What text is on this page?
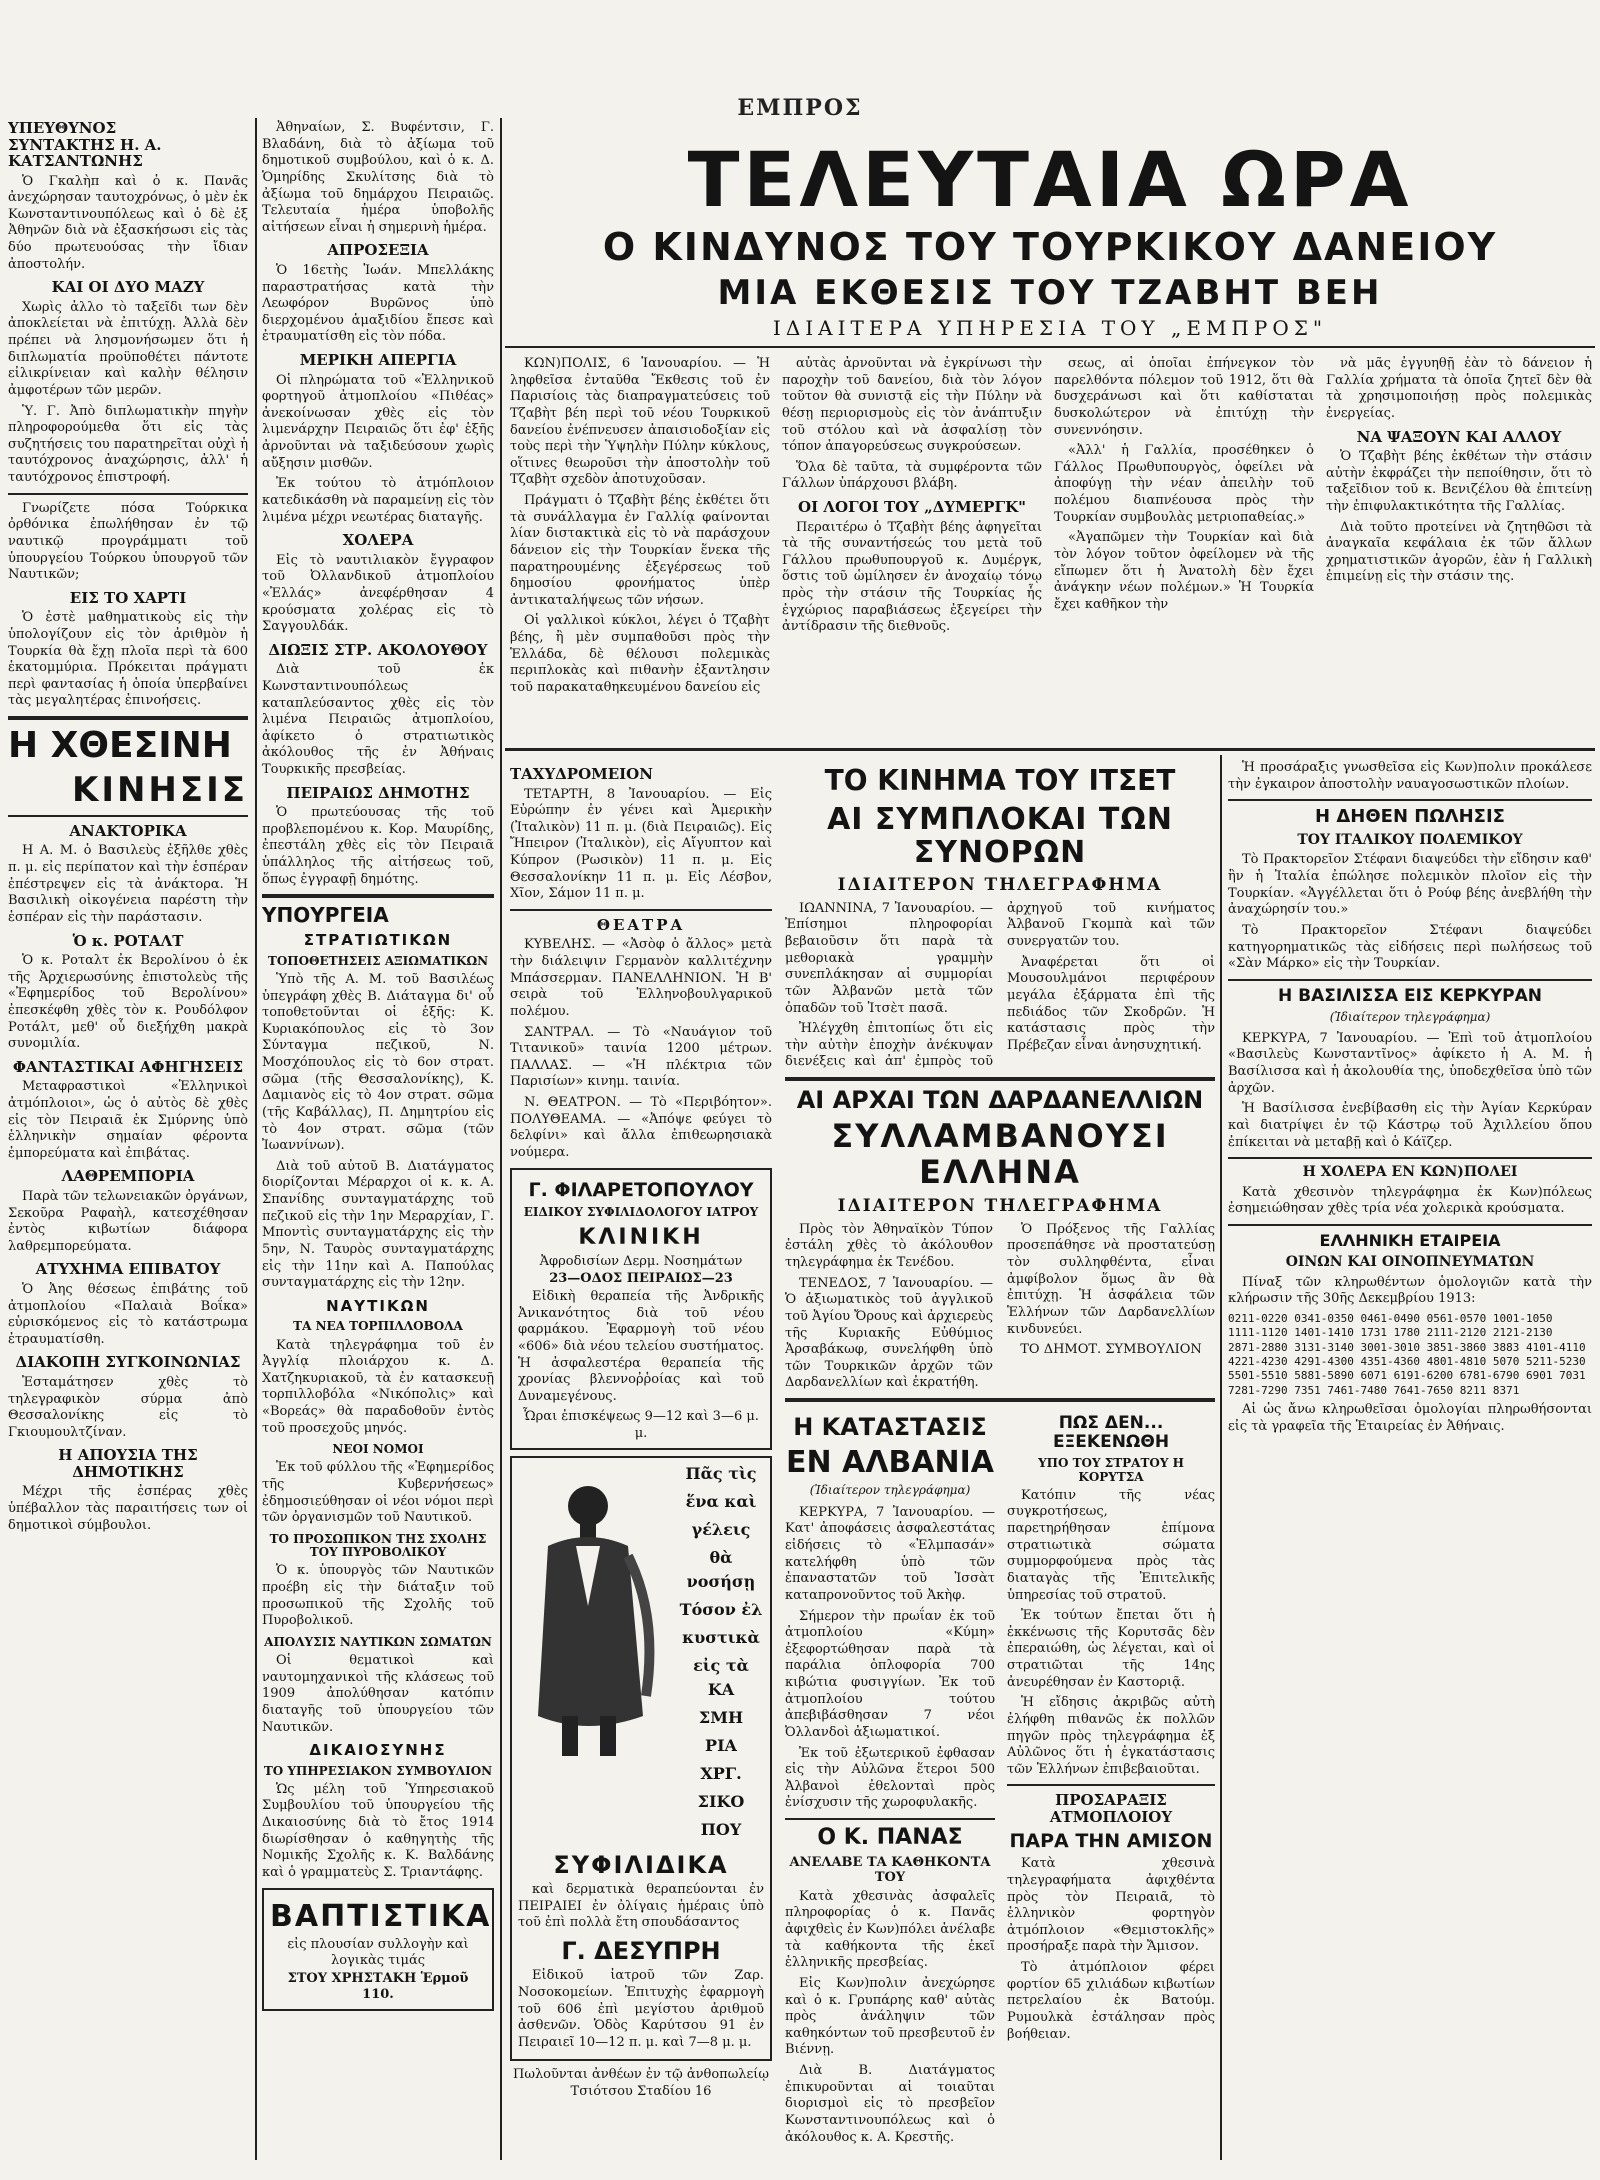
ΕΜΠΡΟΣ
ΥΠΕΥΘΥΝΟΣ
ΣΥΝΤΑΚΤΗΣ Η. Α. ΚΑΤΣΑΝΤΩΝΗΣ

Ὁ Γκαλὴπ καὶ ὁ κ. Πανᾶς ἀνεχώρησαν ταυτοχρόνως, ὁ μὲν ἐκ Κωνσταντινουπόλεως καὶ ὁ δὲ ἐξ Ἀθηνῶν διὰ νὰ ἐξασκήσωσι εἰς τὰς δύο πρωτευούσας τὴν ἴδιαν ἀποστολήν.

ΚΑΙ ΟΙ ΔΥΟ ΜΑΖΥ

Χωρὶς ἀλλο τὸ ταξεῖδι των δὲν ἀποκλείεται νὰ ἐπιτύχῃ. Ἀλλὰ δὲν πρέπει νὰ λησμονήσωμεν ὅτι ἡ διπλωματία προϋποθέτει πάντοτε εἰλικρίνειαν καὶ καλὴν θέλησιν ἀμφοτέρων τῶν μερῶν.

Ὑ. Γ. Ἀπὸ διπλωματικὴν πηγὴν πληροφορούμεθα ὅτι εἰς τὰς συζητήσεις του παρατηρεῖται οὐχὶ ἡ ταυτόχρονος ἀναχώρησις, ἀλλ' ἡ ταυτόχρονος ἐπιστροφή.

Γνωρίζετε πόσα Τούρκικα ὀρθόνικα ἐπωλήθησαν ἐν τῷ ναυτικῷ προγράμματι τοῦ ὑπουργείου Τούρκου ὑπουργοῦ τῶν Ναυτικῶν;

ΕΙΣ ΤΟ ΧΑΡΤΙ

Ὁ ἐστὲ μαθηματικοὺς εἰς τὴν ὑπολογίζουν εἰς τὸν ἀριθμὸν ἡ Τουρκία θὰ ἔχῃ πλοῖα περὶ τὰ 600 ἑκατομμύρια. Πρόκειται πράγματι περὶ φαντασίας ἡ ὁποία ὑπερβαίνει τὰς μεγαλητέρας ἐπινοήσεις.

Η ΧΘΕΣΙΝΗ
ΚΙΝΗΣΙΣ
ΑΝΑΚΤΟΡΙΚΑ

Η Α. Μ. ὁ Βασιλεὺς ἐξῆλθε χθὲς π. μ. εἰς περίπατον καὶ τὴν ἑσπέραν ἐπέστρεψεν εἰς τὰ ἀνάκτορα. Ἡ Βασιλικὴ οἰκογένεια παρέστη τὴν ἑσπέραν εἰς τὴν παράστασιν.

Ὁ κ. ΡΟΤΑΛΤ

Ὁ κ. Ροταλτ ἐκ Βερολίνου ὁ ἐκ τῆς Ἀρχιερωσύνης ἐπιστολεὺς τῆς «Ἐφημερίδος τοῦ Βερολίνου» ἐπεσκέφθη χθὲς τὸν κ. Ρουδόλφον Ροτάλτ, μεθ' οὗ διεξήχθη μακρὰ συνομιλία.

ΦΑΝΤΑΣΤΙΚΑΙ ΑΦΗΓΗΣΕΙΣ

Μεταφραστικοὶ «Ἑλληνικοὶ ἀτμόπλοιοι», ὡς ὁ αὐτὸς δὲ χθὲς εἰς τὸν Πειραιᾶ ἐκ Σμύρνης ὑπὸ ἑλληνικὴν σημαίαν φέροντα ἐμπορεύματα καὶ ἐπιβάτας.

ΛΑΘΡΕΜΠΟΡΙΑ

Παρὰ τῶν τελωνειακῶν ὀργάνων, Σεκοῦρα Ραφαὴλ, κατεσχέθησαν ἐντὸς κιβωτίων διάφορα λαθρεμπορεύματα.

ΑΤΥΧΗΜΑ ΕΠΙΒΑΤΟΥ

Ὁ Ἀης θέσεως ἐπιβάτης τοῦ ἀτμοπλοίου «Παλαιὰ Βοΐκα» εὑρισκόμενος εἰς τὸ κατάστρωμα ἐτραυματίσθη.

ΔΙΑΚΟΠΗ ΣΥΓΚΟΙΝΩΝΙΑΣ

Ἐσταμάτησεν χθὲς τὸ τηλεγραφικὸν σύρμα ἀπὸ Θεσσαλονίκης εἰς τὸ Γκιουμουλτζίναν.

Η ΑΠΟΥΣΙΑ ΤΗΣ ΔΗΜΟΤΙΚΗΣ

Μέχρι τῆς ἐσπέρας χθὲς ὑπέβαλλον τὰς παραιτήσεις των οἱ δημοτικοὶ σύμβουλοι.

Ἀθηναίων, Σ. Βυφέντσιν, Γ. Βλαδάνη, διὰ τὸ ἀξίωμα τοῦ δημοτικοῦ συμβούλου, καὶ ὁ κ. Δ. Ὁμηρίδης Σκυλίτσης διὰ τὸ ἀξίωμα τοῦ δημάρχου Πειραιῶς. Τελευταία ἡμέρα ὑποβολῆς αἰτήσεων εἶναι ἡ σημερινὴ ἡμέρα.

ΑΠΡΟΣΕΞΙΑ

Ὁ 16ετὴς Ἰωάν. Μπελλάκης παραστρατήσας κατὰ τὴν Λεωφόρον Βυρῶνος ὑπὸ διερχομένου ἁμαξιδίου ἔπεσε καὶ ἐτραυματίσθη εἰς τὸν πόδα.

ΜΕΡΙΚΗ ΑΠΕΡΓΙΑ

Οἱ πληρώματα τοῦ «Ἑλληνικοῦ φορτηγοῦ ἀτμοπλοίου «Πιθέας» ἀνεκοίνωσαν χθὲς εἰς τὸν λιμενάρχην Πειραιῶς ὅτι ἐφ' ἑξῆς ἀρνοῦνται νὰ ταξιδεύσουν χωρὶς αὔξησιν μισθῶν.

Ἐκ τούτου τὸ ἀτμόπλοιον κατεδικάσθη νὰ παραμείνῃ εἰς τὸν λιμένα μέχρι νεωτέρας διαταγῆς.

ΧΟΛΕΡΑ

Εἰς τὸ ναυτιλιακὸν ἔγγραφον τοῦ Ὀλλανδικοῦ ἀτμοπλοίου «Ἐλλάς» ἀνεφέρθησαν 4 κρούσματα χολέρας εἰς τὸ Σαγγουλδάκ.

ΔΙΩΞΙΣ ΣΤΡ. ΑΚΟΛΟΥΘΟΥ

Διὰ τοῦ ἐκ Κωνσταντινουπόλεως καταπλεύσαντος χθὲς εἰς τὸν λιμένα Πειραιῶς ἀτμοπλοίου, ἀφίκετο ὁ στρατιωτικὸς ἀκόλουθος τῆς ἐν Ἀθήναις Τουρκικῆς πρεσβείας.

ΠΕΙΡΑΙΩΣ ΔΗΜΟΤΗΣ

Ὁ πρωτεύουσας τῆς τοῦ προβλεπομένου κ. Κορ. Μαυρίδης, ἐπεστάλη χθὲς εἰς τὸν Πειραιᾶ ὑπάλληλος τῆς αἰτήσεως τοῦ, ὅπως ἐγγραφῇ δημότης.

ΥΠΟΥΡΓΕΙΑ
ΣΤΡΑΤΙΩΤΙΚΩΝ
ΤΟΠΟΘΕΤΗΣΕΙΣ ΑΞΙΩΜΑΤΙΚΩΝ

Ὑπὸ τῆς Α. Μ. τοῦ Βασιλέως ὑπεγράφη χθὲς Β. Διάταγμα δι' οὗ τοποθετοῦνται οἱ ἑξῆς: Κ. Κυριακόπουλος εἰς τὸ 3ον Σύνταγμα πεζικοῦ, Ν. Μοσχόπουλος εἰς τὸ 6ον στρατ. σῶμα (τῆς Θεσσαλονίκης), Κ. Δαμιανὸς εἰς τὸ 4ον στρατ. σῶμα (τῆς Καβάλλας), Π. Δημητρίου εἰς τὸ 4ον στρατ. σῶμα (τῶν Ἰωαννίνων).

Διὰ τοῦ αὐτοῦ Β. Διατάγματος διορίζονται Μέραρχοι οἱ κ. κ. Α. Σπανίδης συνταγματάρχης τοῦ πεζικοῦ εἰς τὴν 1ην Μεραρχίαν, Γ. Μποντὶς συνταγματάρχης εἰς τὴν 5ην, Ν. Ταυρὸς συνταγματάρχης εἰς τὴν 11ην καὶ Α. Παπούλας συνταγματάρχης εἰς τὴν 12ην.

ΝΑΥΤΙΚΩΝ
ΤΑ ΝΕΑ ΤΟΡΠΙΛΛΟΒΟΛΑ

Κατὰ τηλεγράφημα τοῦ ἐν Ἀγγλίᾳ πλοιάρχου κ. Δ. Χατζηκυριακοῦ, τὰ ἐν κατασκευῇ τορπιλλοβόλα «Νικόπολις» καὶ «Βορεάς» θὰ παραδοθοῦν ἐντὸς τοῦ προσεχοῦς μηνός.

ΝΕΟΙ ΝΟΜΟΙ

Ἐκ τοῦ φύλλου τῆς «Ἐφημερίδος τῆς Κυβερνήσεως» ἐδημοσιεύθησαν οἱ νέοι νόμοι περὶ τῶν ὀργανισμῶν τοῦ Ναυτικοῦ.

ΤΟ ΠΡΟΣΩΠΙΚΟΝ ΤΗΣ ΣΧΟΛΗΣ ΤΟΥ ΠΥΡΟΒΟΛΙΚΟΥ

Ὁ κ. ὑπουργὸς τῶν Ναυτικῶν προέβη εἰς τὴν διάταξιν τοῦ προσωπικοῦ τῆς Σχολῆς τοῦ Πυροβολικοῦ.

ΑΠΟΛΥΣΙΣ ΝΑΥΤΙΚΩΝ ΣΩΜΑΤΩΝ

Οἱ θεματικοὶ καὶ ναυτομηχανικοὶ τῆς κλάσεως τοῦ 1909 ἀπολύθησαν κατόπιν διαταγῆς τοῦ ὑπουργείου τῶν Ναυτικῶν.

ΔΙΚΑΙΟΣΥΝΗΣ
ΤΟ ΥΠΗΡΕΣΙΑΚΟΝ ΣΥΜΒΟΥΛΙΟΝ

Ὡς μέλη τοῦ Ὑπηρεσιακοῦ Συμβουλίου τοῦ ὑπουργείου τῆς Δικαιοσύνης διὰ τὸ ἔτος 1914 διωρίσθησαν ὁ καθηγητὴς τῆς Νομικῆς Σχολῆς κ. Κ. Βαλδάνης καὶ ὁ γραμματεὺς Σ. Τριαντάφης.

ΒΑΠΤΙΣΤΙΚΑ

εἰς πλουσίαν συλλογὴν καὶ λογικὰς τιμάς

ΣΤΟΥ ΧΡΗΣΤΑΚΗ Ἑρμοῦ 110.

ΤΕΛΕΥΤΑΙΑ ΩΡΑ
Ο ΚΙΝΔΥΝΟΣ ΤΟΥ ΤΟΥΡΚΙΚΟΥ ΔΑΝΕΙΟΥ
ΜΙΑ ΕΚΘΕΣΙΣ ΤΟΥ ΤΖΑΒΗΤ ΒΕΗ
ΙΔΙΑΙΤΕΡΑ ΥΠΗΡΕΣΙΑ ΤΟΥ „ΕΜΠΡΟΣ"

ΚΩΝ)ΠΟΛΙΣ, 6 Ἰανουαρίου. — Ἡ ληφθεῖσα ἐνταῦθα Ἔκθεσις τοῦ ἐν Παρισίοις τὰς διαπραγματεύσεις τοῦ Τζαβὴτ βέη περὶ τοῦ νέου Τουρκικοῦ δανείου ἐνέπνευσεν ἀπαισιοδοξίαν εἰς τοὺς περὶ τὴν Ὑψηλὴν Πύλην κύκλους, οἵτινες θεωροῦσι τὴν ἀποστολὴν τοῦ Τζαβὴτ σχεδὸν ἀποτυχοῦσαν.

Πράγματι ὁ Τζαβὴτ βέης ἐκθέτει ὅτι τὰ συνάλλαγμα ἐν Γαλλίᾳ φαίνονται λίαν διστακτικὰ εἰς τὸ νὰ παράσχουν δάνειον εἰς τὴν Τουρκίαν ἕνεκα τῆς παρατηρουμένης ἐξεγέρσεως τοῦ δημοσίου φρονήματος ὑπὲρ ἀντικαταλήψεως τῶν νήσων.

Οἱ γαλλικοὶ κύκλοι, λέγει ὁ Τζαβὴτ βέης, ἢ μὲν συμπαθοῦσι πρὸς τὴν Ἑλλάδα, δὲ θέλουσι πολεμικὰς περιπλοκὰς καὶ πιθανὴν ἐξαντλησιν τοῦ παρακαταθηκευμένου δανείου εἰς

αὐτὰς ἀρνοῦνται νὰ ἐγκρίνωσι τὴν παροχὴν τοῦ δανείου, διὰ τὸν λόγον τοῦτον θὰ συνιστᾷ εἰς τὴν Πύλην νὰ θέσῃ περιορισμοὺς εἰς τὸν ἀνάπτυξιν τοῦ στόλου καὶ νὰ ἀσφαλίσῃ τὸν τόπον ἀπαγορεύσεως συγκρούσεων.

Ὅλα δὲ ταῦτα, τὰ συμφέροντα τῶν Γάλλων ὑπάρχουσι βλάβη.

ΟΙ ΛΟΓΟΙ ΤΟΥ „ΔΥΜΕΡΓΚ"

Περαιτέρω ὁ Τζαβὴτ βέης ἀφηγεῖται τὰ τῆς συναντήσεώς του μετὰ τοῦ Γάλλου πρωθυπουργοῦ κ. Δυμέργκ, ὅστις τοῦ ὡμίλησεν ἐν ἀνοχαίῳ τόνῳ πρὸς τὴν στάσιν τῆς Τουρκίας ἧς ἐγχώριος παραβιάσεως ἐξεγείρει τὴν ἀντίδρασιν τῆς διεθνοῦς.

σεως, αἱ ὁποῖαι ἐπήνεγκον τὸν παρελθόντα πόλεμον τοῦ 1912, ὅτι θὰ δυσχεράνωσι καὶ ὅτι καθίσταται δυσκολώτερον νὰ ἐπιτύχῃ τὴν συνεννόησιν.

«Ἀλλ' ἡ Γαλλία, προσέθηκεν ὁ Γάλλος Πρωθυπουργὸς, ὀφείλει νὰ ἀποφύγῃ τὴν νέαν ἀπειλὴν τοῦ πολέμου διαπνέουσα πρὸς τὴν Τουρκίαν συμβουλὰς μετριοπαθείας.»

«Ἀγαπῶμεν τὴν Τουρκίαν καὶ διὰ τὸν λόγον τοῦτον ὀφείλομεν νὰ τῆς εἴπωμεν ὅτι ἡ Ἀνατολὴ δὲν ἔχει ἀνάγκην νέων πολέμων.» Ἡ Τουρκία ἔχει καθῆκον τὴν

νὰ μᾶς ἐγγυηθῇ ἐὰν τὸ δάνειον ἡ Γαλλία χρήματα τὰ ὁποῖα ζητεῖ δὲν θὰ τὰ χρησιμοποιήσῃ πρὸς πολεμικὰς ἐνεργείας.

ΝΑ ΨΑΞΟΥΝ ΚΑΙ ΑΛΛΟΥ

Ὁ Τζαβὴτ βέης ἐκθέτων τὴν στάσιν αὐτὴν ἐκφράζει τὴν πεποίθησιν, ὅτι τὸ ταξεῖδιον τοῦ κ. Βενιζέλου θὰ ἐπιτείνῃ τὴν ἐπιφυλακτικότητα τῆς Γαλλίας.

Διὰ τοῦτο προτείνει νὰ ζητηθῶσι τὰ ἀναγκαῖα κεφάλαια ἐκ τῶν ἄλλων χρηματιστικῶν ἀγορῶν, ἐὰν ἡ Γαλλικὴ ἐπιμείνῃ εἰς τὴν στάσιν της.

ΤΑΧΥΔΡΟΜΕΙΟΝ

ΤΕΤΑΡΤΗ, 8 Ἰανουαρίου. — Εἰς Εὐρώπην ἐν γένει καὶ Ἀμερικὴν (Ἰταλικὸν) 11 π. μ. (διὰ Πειραιῶς). Εἰς Ἤπειρον (Ἰταλικὸν), εἰς Αἴγυπτον καὶ Κύπρον (Ρωσικὸν) 11 π. μ. Εἰς Θεσσαλονίκην 11 π. μ. Εἰς Λέσβον, Χῖον, Σάμον 11 π. μ.

ΘΕΑΤΡΑ

ΚΥΒΕΛΗΣ. — «Ἀσὸφ ὁ ἄλλος» μετὰ τὴν διάλειψιν Γερμανὸν καλλιτέχνην Μπάσσερμαν. ΠΑΝΕΛΛΗΝΙΟΝ. Ἡ Β' σειρὰ τοῦ Ἑλληνοβουλγαρικοῦ πολέμου.

ΣΑΝΤΡΑΛ. — Τὸ «Ναυάγιον τοῦ Τιτανικοῦ» ταινία 1200 μέτρων. ΠΑΛΛΑΣ. — «Ἡ πλέκτρια τῶν Παρισίων» κινημ. ταινία.

Ν. ΘΕΑΤΡΟΝ. — Τὸ «Περιβόητον». ΠΟΛΥΘΕΑΜΑ. — «Ἀπόψε φεύγει τὸ δελφίνι» καὶ ἄλλα ἐπιθεωρησιακὰ νούμερα.

Γ. ΦΙΛΑΡΕΤΟΠΟΥΛΟΥ
ΕΙΔΙΚΟΥ ΣΥΦΙΛΙΔΟΛΟΓΟΥ ΙΑΤΡΟΥ
ΚΛΙΝΙΚΗ

Ἀφροδισίων Δερμ. Νοσημάτων

23—ΟΔΟΣ ΠΕΙΡΑΙΩΣ—23

Εἰδικὴ θεραπεία τῆς Ἀνδρικῆς Ἀνικανότητος διὰ τοῦ νέου φαρμάκου. Ἐφαρμογὴ τοῦ νέου «606» διὰ νέου τελείου συστήματος. Ἡ ἀσφαλεστέρα θεραπεία τῆς χρονίας βλεννοῤῥοίας καὶ τοῦ Δυναμεγένους.

Ὧραι ἐπισκέψεως 9—12 καὶ 3—6 μ. μ.

Πᾶς τὶς

ἕνα καὶ

γέλεις

θὰ νοσήσῃ

Τόσον ἐλ

κυστικὰ

εἰς τὰ ΚΑ

ΣΜΗ

ΡΙΑ

ΧΡΓ.

ΣΙΚΟ

ΠΟΥ

ΣΥΦΙΛΙΔΙΚΑ

καὶ δερματικὰ θεραπεύονται ἐν ΠΕΙΡΑΙΕΙ ἐν ὀλίγαις ἡμέραις ὑπὸ τοῦ ἐπὶ πολλὰ ἔτη σπουδάσαντος

Γ. ΔΕΣΥΠΡΗ

Εἰδικοῦ ἰατροῦ τῶν Ζαρ. Νοσοκομείων. Ἐπιτυχὴς ἐφαρμογὴ τοῦ 606 ἐπὶ μεγίστου ἀριθμοῦ ἀσθενῶν. Ὁδὸς Καρύτσου 91 ἐν Πειραιεῖ 10—12 π. μ. καὶ 7—8 μ. μ.

Πωλοῦνται ἀνθέων ἐν τῷ ἀνθοπωλείῳ Τσιότσου Σταδίου 16

ΤΟ ΚΙΝΗΜΑ ΤΟΥ ΙΤΣΕΤ
ΑΙ ΣΥΜΠΛΟΚΑΙ ΤΩΝ ΣΥΝΟΡΩΝ
ΙΔΙΑΙΤΕΡΟΝ ΤΗΛΕΓΡΑΦΗΜΑ

ΙΩΑΝΝΙΝΑ, 7 Ἰανουαρίου. — Ἐπίσημοι πληροφορίαι βεβαιοῦσιν ὅτι παρὰ τὰ μεθοριακὰ γραμμὴν συνεπλάκησαν αἱ συμμορίαι τῶν Ἀλβανῶν μετὰ τῶν ὀπαδῶν τοῦ Ἰτσὲτ πασᾶ.

Ἠλέγχθη ἐπιτοπίως ὅτι εἰς τὴν αὐτὴν ἐποχὴν ἀνέκυψαν διενέξεις καὶ ἀπ' ἐμπρὸς τοῦ ἀρχηγοῦ τοῦ κινήματος Ἀλβανοῦ Γκομπὰ καὶ τῶν συνεργατῶν του.

Ἀναφέρεται ὅτι οἱ Μουσουλμάνοι περιφέρουν μεγάλα ἐξάρματα ἐπὶ τῆς πεδιάδος τῶν Σκοδρῶν. Ἡ κατάστασις πρὸς τὴν Πρέβεζαν εἶναι ἀνησυχητική.

ΑΙ ΑΡΧΑΙ ΤΩΝ ΔΑΡΔΑΝΕΛΛΙΩΝ
ΣΥΛΛΑΜΒΑΝΟΥΣΙ ΕΛΛΗΝΑ
ΙΔΙΑΙΤΕΡΟΝ ΤΗΛΕΓΡΑΦΗΜΑ

Πρὸς τὸν Ἀθηναϊκὸν Τύπον ἐστάλη χθὲς τὸ ἀκόλουθον τηλεγράφημα ἐκ Τενέδου.

ΤΕΝΕΔΟΣ, 7 Ἰανουαρίου. — Ὁ ἀξιωματικὸς τοῦ ἀγγλικοῦ τοῦ Ἀγίου Ὄρους καὶ ἀρχιερεὺς τῆς Κυριακῆς Εὐθύμιος Ἀρσαβάκωφ, συνελήφθη ὑπὸ τῶν Τουρκικῶν ἀρχῶν τῶν Δαρδανελλίων καὶ ἐκρατήθη.

Ὁ Πρόξενος τῆς Γαλλίας προσεπάθησε νὰ προστατεύσῃ τὸν συλληφθέντα, εἶναι ἀμφίβολον ὅμως ἂν θὰ ἐπιτύχῃ. Ἡ ἀσφάλεια τῶν Ἑλλήνων τῶν Δαρδανελλίων κινδυνεύει.

ΤΟ ΔΗΜΟΤ. ΣΥΜΒΟΥΛΙΟΝ

Η ΚΑΤΑΣΤΑΣΙΣ
ΕΝ ΑΛΒΑΝΙΑ

(Ἰδιαίτερον τηλεγράφημα)

ΚΕΡΚΥΡΑ, 7 Ἰανουαρίου. — Κατ' ἀποφάσεις ἀσφαλεστάτας εἰδήσεις τὸ «Ἐλμπασάν» κατελήφθη ὑπὸ τῶν ἐπαναστατῶν τοῦ Ἰσσὰτ καταπρονοῦντος τοῦ Ἀκὴφ.

Σήμερον τὴν πρωΐαν ἐκ τοῦ ἀτμοπλοίου «Κύμη» ἐξεφορτώθησαν παρὰ τὰ παράλια ὁπλοφορία 700 κιβώτια φυσιγγίων. Ἐκ τοῦ ἀτμοπλοίου τούτου ἀπεβιβάσθησαν 7 νέοι Ὀλλανδοὶ ἀξιωματικοί.

Ἐκ τοῦ ἐξωτερικοῦ ἐφθασαν εἰς τὴν Αὐλῶνα ἕτεροι 500 Ἀλβανοὶ ἐθελονταὶ πρὸς ἐνίσχυσιν τῆς χωροφυλακῆς.

Ο Κ. ΠΑΝΑΣ
ΑΝΕΛΑΒΕ ΤΑ ΚΑΘΗΚΟΝΤΑ ΤΟΥ

Κατὰ χθεσινὰς ἀσφαλεῖς πληροφορίας ὁ κ. Πανᾶς ἀφιχθεὶς ἐν Κων)πόλει ἀνέλαβε τὰ καθήκοντα τῆς ἐκεῖ ἑλληνικῆς πρεσβείας.

Εἰς Κων)πολιν ἀνεχώρησε καὶ ὁ κ. Γρυπάρης καθ' αὐτὰς πρὸς ἀνάληψιν τῶν καθηκόντων τοῦ πρεσβευτοῦ ἐν Βιέννῃ.

Διὰ Β. Διατάγματος ἐπικυροῦνται αἱ τοιαῦται διορισμοὶ εἰς τὸ πρεσβεῖον Κωνσταντινουπόλεως καὶ ὁ ἀκόλουθος κ. Α. Κρεστῆς.

ΠΩΣ ΔΕΝ... ΕΞΕΚΕΝΩΘΗ
ΥΠΟ ΤΟΥ ΣΤΡΑΤΟΥ Η ΚΟΡΥΤΣΑ

Κατόπιν τῆς νέας συγκροτήσεως, παρετηρήθησαν ἐπίμονα στρατιωτικὰ σώματα συμμορφούμενα πρὸς τὰς διαταγὰς τῆς Ἐπιτελικῆς ὑπηρεσίας τοῦ στρατοῦ.

Ἐκ τούτων ἔπεται ὅτι ἡ ἐκκένωσις τῆς Κορυτσᾶς δὲν ἐπεραιώθη, ὡς λέγεται, καὶ οἱ στρατιῶται τῆς 14ης ἀνευρέθησαν ἐν Καστοριᾷ.

Ἡ εἴδησις ἀκριβῶς αὐτὴ ἐλήφθη πιθανῶς ἐκ πολλῶν πηγῶν πρὸς τηλεγράφημα ἐξ Αὐλῶνος ὅτι ἡ ἐγκατάστασις τῶν Ἑλλήνων ἐπιβεβαιοῦται.

ΠΡΟΣΑΡΑΞΙΣ ΑΤΜΟΠΛΟΙΟΥ
ΠΑΡΑ ΤΗΝ ΑΜΙΣΟΝ

Κατὰ χθεσινὰ τηλεγραφήματα ἀφιχθέντα πρὸς τὸν Πειραιᾶ, τὸ ἑλληνικὸν φορτηγὸν ἀτμόπλοιον «Θεμιστοκλῆς» προσήραξε παρὰ τὴν Ἄμισον.

Τὸ ἀτμόπλοιον φέρει φορτίον 65 χιλιάδων κιβωτίων πετρελαίου ἐκ Βατούμ. Ρυμουλκὰ ἐστάλησαν πρὸς βοήθειαν.

Ἡ προσάραξις γνωσθεῖσα εἰς Κων)πολιν προκάλεσε τὴν ἐγκαιρον ἀποστολὴν ναυαγοσωστικῶν πλοίων.

Η ΔΗΘΕΝ ΠΩΛΗΣΙΣ
ΤΟΥ ΙΤΑΛΙΚΟΥ ΠΟΛΕΜΙΚΟΥ

Τὸ Πρακτορεῖον Στέφανι διαψεύδει τὴν εἴδησιν καθ' ἣν ἡ Ἰταλία ἐπώλησε πολεμικὸν πλοῖον εἰς τὴν Τουρκίαν. «Ἀγγέλλεται ὅτι ὁ Ρούφ βέης ἀνεβλήθη τὴν ἀναχώρησίν του.»

Τὸ Πρακτορεῖον Στέφανι διαψεύδει κατηγορηματικῶς τὰς εἰδήσεις περὶ πωλήσεως τοῦ «Σὰν Μάρκο» εἰς τὴν Τουρκίαν.

Η ΒΑΣΙΛΙΣΣΑ ΕΙΣ ΚΕΡΚΥΡΑΝ

(Ἰδιαίτερον τηλεγράφημα)

ΚΕΡΚΥΡΑ, 7 Ἰανουαρίου. — Ἐπὶ τοῦ ἀτμοπλοίου «Βασιλεὺς Κωνσταντῖνος» ἀφίκετο ἡ Α. Μ. ἡ Βασίλισσα καὶ ἡ ἀκολουθία της, ὑποδεχθεῖσα ὑπὸ τῶν ἀρχῶν.

Ἡ Βασίλισσα ἐνεβίβασθη εἰς τὴν Ἀγίαν Κερκύραν καὶ διατρίψει ἐν τῷ Κάστρῳ τοῦ Ἀχιλλείου ὅπου ἐπίκειται νὰ μεταβῇ καὶ ὁ Κάϊζερ.

Η ΧΟΛΕΡΑ ΕΝ ΚΩΝ)ΠΟΛΕΙ

Κατὰ χθεσινὸν τηλεγράφημα ἐκ Κων)πόλεως ἐσημειώθησαν χθὲς τρία νέα χολερικὰ κρούσματα.

ΕΛΛΗΝΙΚΗ ΕΤΑΙΡΕΙΑ
ΟΙΝΩΝ ΚΑΙ ΟΙΝΟΠΝΕΥΜΑΤΩΝ

Πίναξ τῶν κληρωθέντων ὁμολογιῶν κατὰ τὴν κλήρωσιν τῆς 30ῆς Δεκεμβρίου 1913:

0211-0220 0341-0350 0461-0490 0561-0570 1001-1050 1111-1120 1401-1410 1731 1780 2111-2120 2121-2130 2871-2880 3131-3140 3001-3010 3851-3860 3883 4101-4110 4221-4230 4291-4300 4351-4360 4801-4810 5070 5211-5230 5501-5510 5881-5890 6071 6191-6200 6781-6790 6901 7031 7281-7290 7351 7461-7480 7641-7650 8211 8371

Αἱ ὡς ἄνω κληρωθεῖσαι ὁμολογίαι πληρωθήσονται εἰς τὰ γραφεῖα τῆς Ἑταιρείας ἐν Ἀθήναις.
